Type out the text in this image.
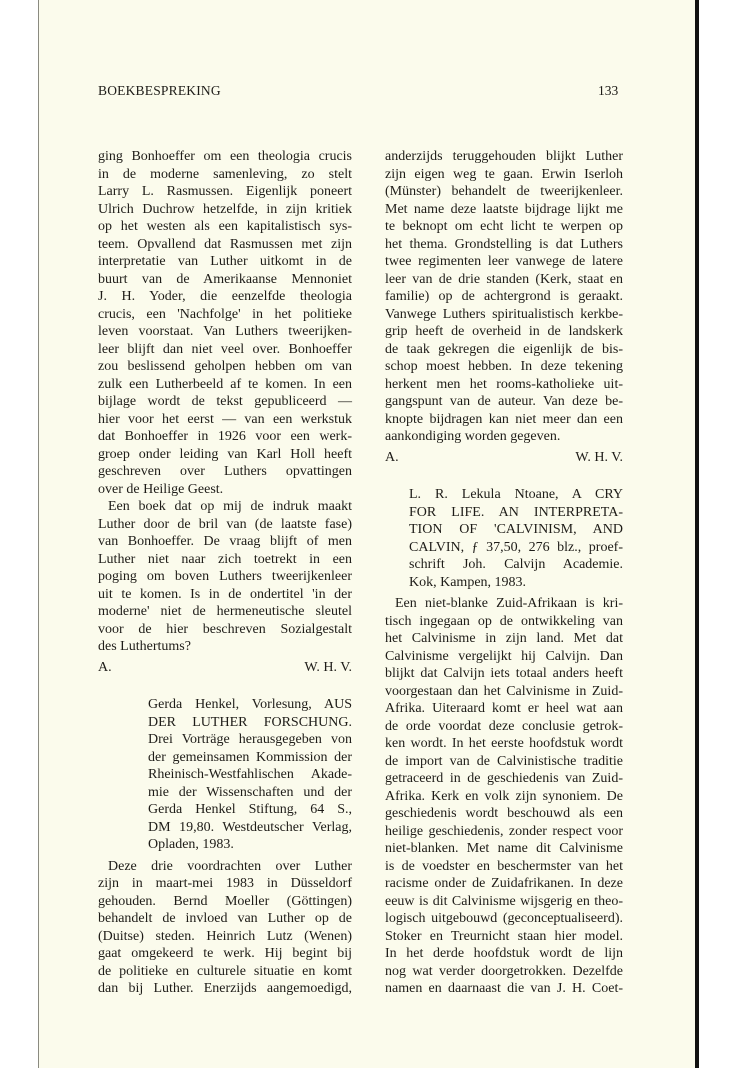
BOEKBESPREKING	133
ging Bonhoeffer om een theologia crucis
in de moderne samenleving, zo stelt
Larry L. Rasmussen. Eigenlijk poneert
Ulrich Duchrow hetzelfde, in zijn kritiek
op het westen als een kapitalistisch sys-
teem. Opvallend dat Rasmussen met zijn
interpretatie van Luther uitkomt in de
buurt van de Amerikaanse Mennoniet
J. H. Yoder, die eenzelfde theologia
crucis, een 'Nachfolge' in het politieke
leven voorstaat. Van Luthers tweerijken-
leer blijft dan niet veel over. Bonhoeffer
zou beslissend geholpen hebben om van
zulk een Lutherbeeld af te komen. In een
bijlage wordt de tekst gepubliceerd —
hier voor het eerst — van een werkstuk
dat Bonhoeffer in 1926 voor een werk-
groep onder leiding van Karl Holl heeft
geschreven over Luthers opvattingen
over de Heilige Geest.
Een boek dat op mij de indruk maakt
Luther door de bril van (de laatste fase)
van Bonhoeffer. De vraag blijft of men
Luther niet naar zich toetrekt in een
poging om boven Luthers tweerijkenleer
uit te komen. Is in de ondertitel 'in der
moderne' niet de hermeneutische sleutel
voor de hier beschreven Sozialgestalt
des Luthertums?
A.	W. H. V.
Gerda Henkel, Vorlesung, AUS
DER LUTHER FORSCHUNG.
Drei Vorträge herausgegeben von
der gemeinsamen Kommission der
Rheinisch-Westfahlischen Akade-
mie der Wissenschaften und der
Gerda Henkel Stiftung, 64 S.,
DM 19,80. Westdeutscher Verlag,
Opladen, 1983.
Deze drie voordrachten over Luther
zijn in maart-mei 1983 in Düsseldorf
gehouden. Bernd Moeller (Göttingen)
behandelt de invloed van Luther op de
(Duitse) steden. Heinrich Lutz (Wenen)
gaat omgekeerd te werk. Hij begint bij
de politieke en culturele situatie en komt
dan bij Luther. Enerzijds aangemoedigd,
anderzijds teruggehouden blijkt Luther
zijn eigen weg te gaan. Erwin Iserloh
(Münster) behandelt de tweerijkenleer.
Met name deze laatste bijdrage lijkt me
te beknopt om echt licht te werpen op
het thema. Grondstelling is dat Luthers
twee regimenten leer vanwege de latere
leer van de drie standen (Kerk, staat en
familie) op de achtergrond is geraakt.
Vanwege Luthers spiritualistisch kerkbe-
grip heeft de overheid in de landskerk
de taak gekregen die eigenlijk de bis-
schop moest hebben. In deze tekening
herkent men het rooms-katholieke uit-
gangspunt van de auteur. Van deze be-
knopte bijdragen kan niet meer dan een
aankondiging worden gegeven.
A.	W. H. V.
L. R. Lekula Ntoane, A CRY
FOR LIFE. AN INTERPRETA-
TION OF 'CALVINISM, AND
CALVIN, ƒ 37,50, 276 blz., proef-
schrift Joh. Calvijn Academie.
Kok, Kampen, 1983.
Een niet-blanke Zuid-Afrikaan is kri-
tisch ingegaan op de ontwikkeling van
het Calvinisme in zijn land. Met dat
Calvinisme vergelijkt hij Calvijn. Dan
blijkt dat Calvijn iets totaal anders heeft
voorgestaan dan het Calvinisme in Zuid-
Afrika. Uiteraard komt er heel wat aan
de orde voordat deze conclusie getrok-
ken wordt. In het eerste hoofdstuk wordt
de import van de Calvinistische traditie
getraceerd in de geschiedenis van Zuid-
Afrika. Kerk en volk zijn synoniem. De
geschiedenis wordt beschouwd als een
heilige geschiedenis, zonder respect voor
niet-blanken. Met name dit Calvinisme
is de voedster en beschermster van het
racisme onder de Zuidafrikanen. In deze
eeuw is dit Calvinisme wijsgerig en theo-
logisch uitgebouwd (geconceptualiseerd).
Stoker en Treurnicht staan hier model.
In het derde hoofdstuk wordt de lijn
nog wat verder doorgetrokken. Dezelfde
namen en daarnaast die van J. H. Coet-
